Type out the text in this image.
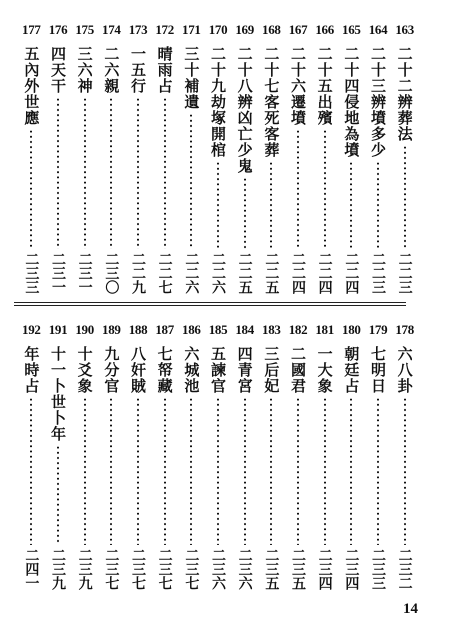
177
五內外世應
二三三
176
四天干
二三一
175
三六神
二三一
174
二六親
二三〇
173
一五行
二二九
172
晴雨占
二二七
171
三十補遺
二二六
170
二十九劫塚開棺
二二六
169
二十八辨凶亡少鬼
二二五
168
二十七客死客葬
二二五
167
二十六遷墳
二二四
166
二十五出殯
二二四
165
二十四侵地為墳
二二四
164
二十三辨墳多少
二二三
163
二十二辨葬法
二二三
192
年時占
二四一
191
十一卜世卜年
二三九
190
十爻象
二三九
189
九分官
二三七
188
八奸賊
二三七
187
七帑藏
二三七
186
六城池
二三七
185
五諫官
二三六
184
四青宮
二三六
183
三后妃
二三五
182
二國君
二三五
181
一大象
二三四
180
朝廷占
二三四
179
七明日
二三三
178
六八卦
二三二
14
